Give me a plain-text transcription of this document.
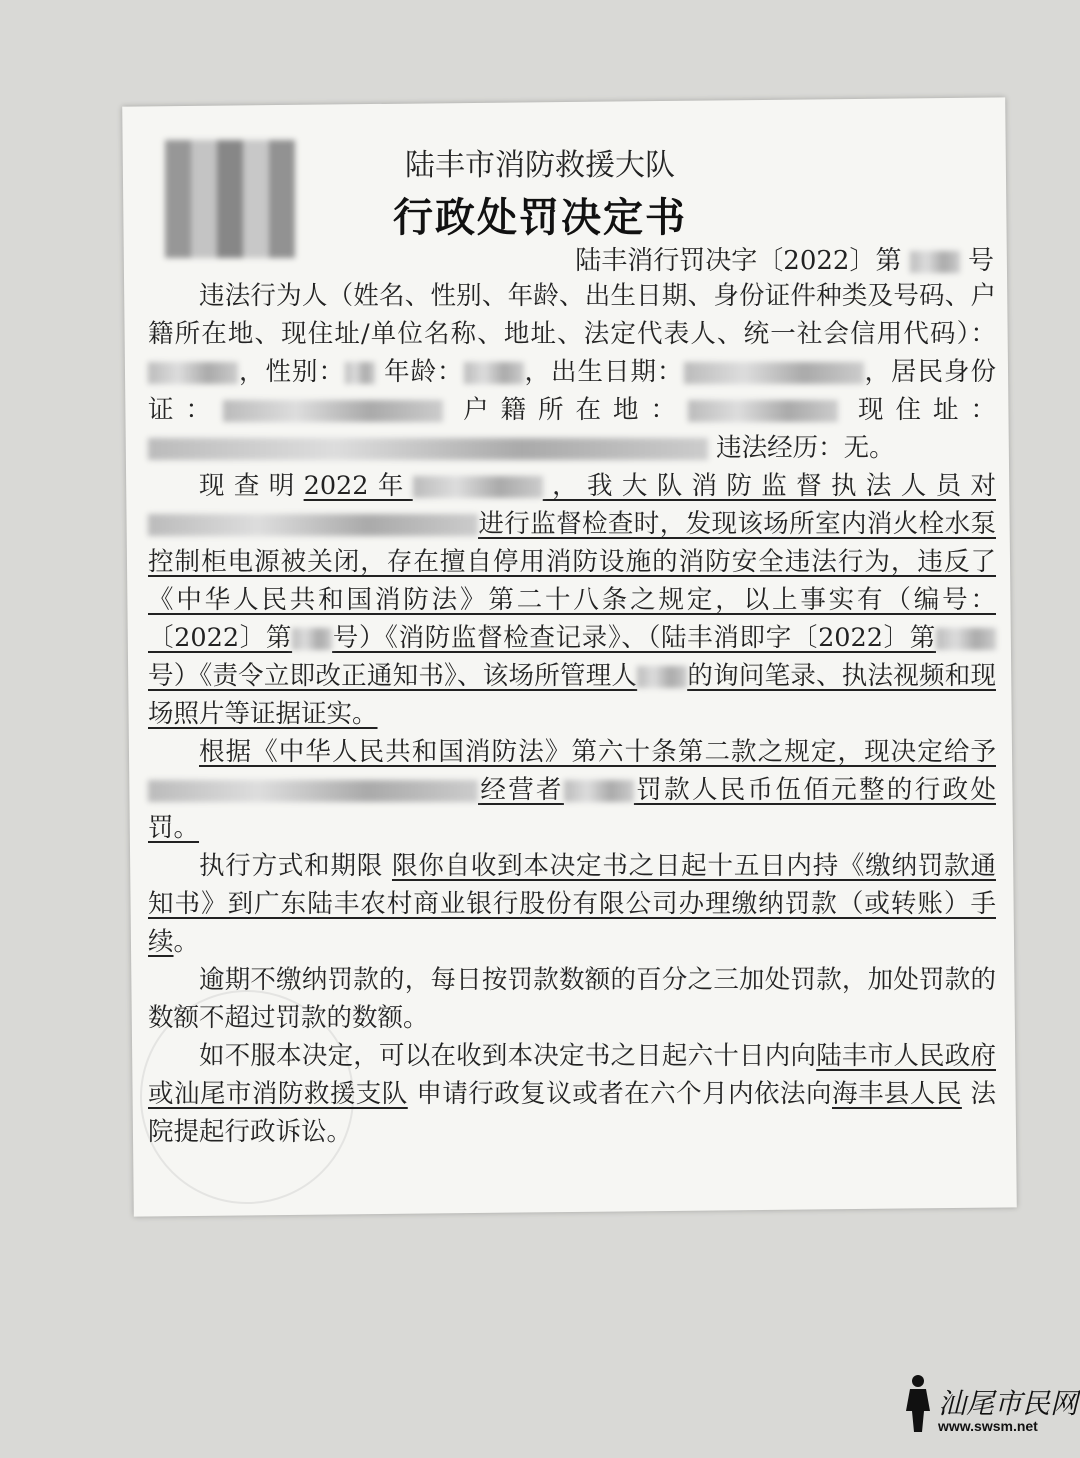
陆丰市消防救援大队
行政处罚决定书
陆丰消行罚决字〔2022〕第	号

违法行为人（姓名、性别、年龄、出生日期、身份证件种类及号码、户籍所在地、现住址/单位名称、地址、法定代表人、统一社会信用代码）：，性别： 年龄： ，出生日期：	，居民身份证：	户籍所在地：	现住址： 违法经历：无。

现查明2022年	，我大队消防监督执法人员对进行监督检查时，发现该场所室内消火栓水泵控制柜电源被关闭，存在擅自停用消防设施的消防安全违法行为，违反了《中华人民共和国消防法》第二十八条之规定，以上事实有（编号：〔2022〕第 号）《消防监督检查记录》、（陆丰消即字〔2022〕第号）《责令立即改正通知书》、该场所管理人 的询问笔录、执法视频和现场照片等证据证实。

根据《中华人民共和国消防法》第六十条第二款之规定，现决定给予经营者	罚款人民币伍佰元整的行政处罚。

执行方式和期限 限你自收到本决定书之日起十五日内持《缴纳罚款通知书》到广东陆丰农村商业银行股份有限公司办理缴纳罚款（或转账）手续。

逾期不缴纳罚款的，每日按罚款数额的百分之三加处罚款，加处罚款的数额不超过罚款的数额。

如不服本决定，可以在收到本决定书之日起六十日内向陆丰市人民政府或汕尾市消防救援支队 申请行政复议或者在六个月内依法向海丰县人民 法院提起行政诉讼。

汕尾市民网
www.swsm.net
